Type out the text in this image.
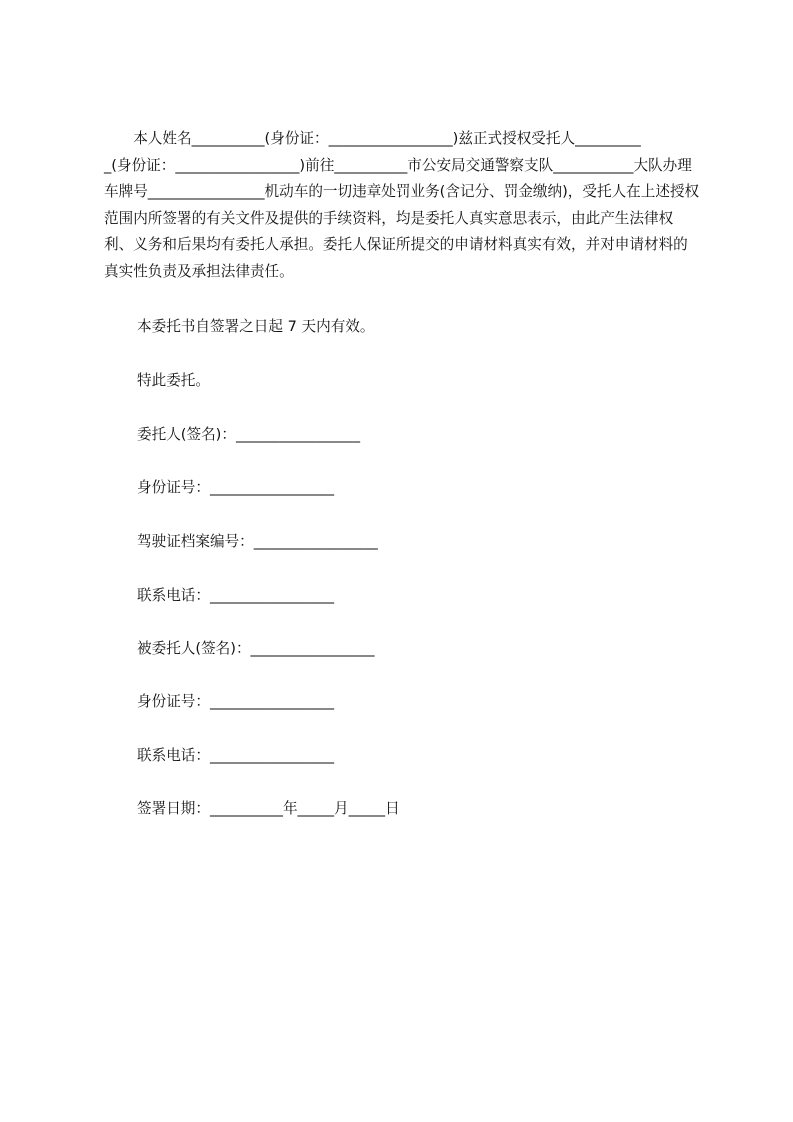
　　本人姓名__________(身份证：_________________)兹正式授权受托人_________
_(身份证：_________________)前往__________市公安局交通警察支队___________大队办理车牌号________________机动车的一切违章处罚业务(含记分、罚金缴纳)，受托人在上述授权范围内所签署的有关文件及提供的手续资料，均是委托人真实意思表示，由此产生法律权利、义务和后果均有委托人承担。委托人保证所提交的申请材料真实有效，并对申请材料的真实性负责及承担法律责任。
本委托书自签署之日起 7 天内有效。
特此委托。
委托人(签名)：_________________
身份证号：_________________
驾驶证档案编号：_________________
联系电话：_________________
被委托人(签名)：_________________
身份证号：_________________
联系电话：_________________
签署日期：__________年_____月_____日
